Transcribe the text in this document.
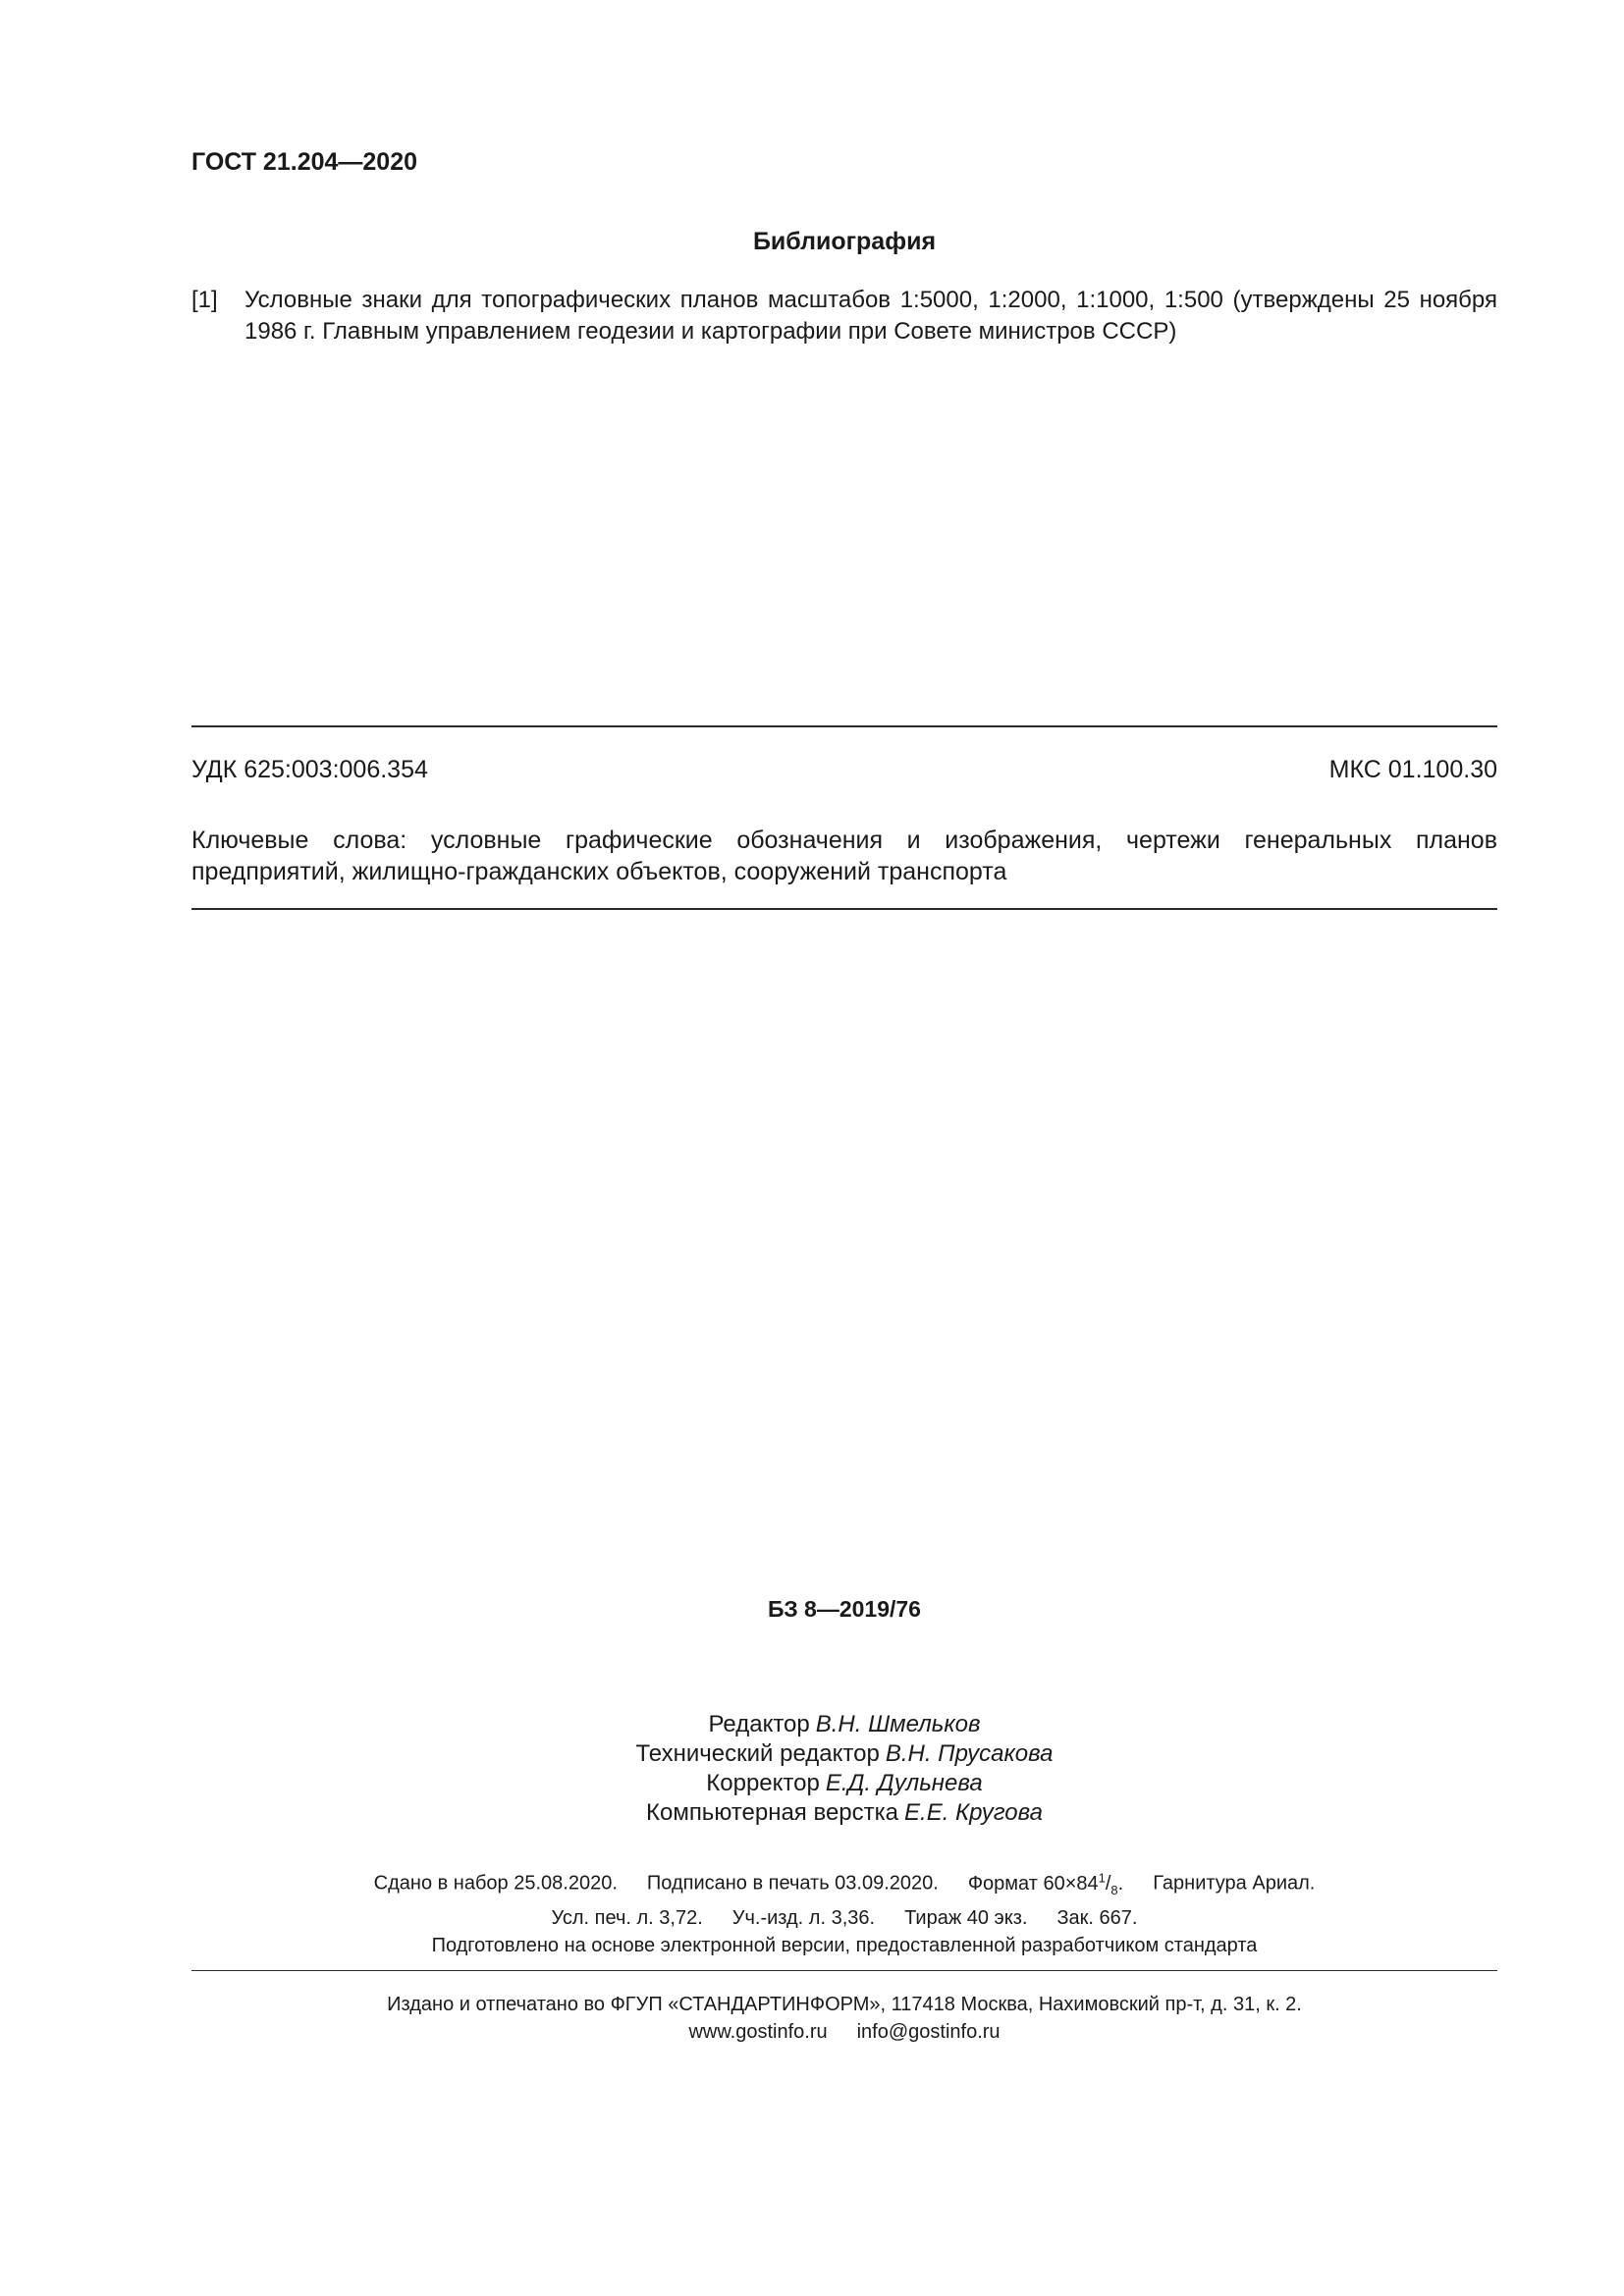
ГОСТ 21.204—2020
Библиография
[1] Условные знаки для топографических планов масштабов 1:5000, 1:2000, 1:1000, 1:500 (утверждены 25 ноября 1986 г. Главным управлением геодезии и картографии при Совете министров СССР)
УДК 625:003:006.354	МКС 01.100.30
Ключевые слова: условные графические обозначения и изображения, чертежи генеральных планов
предприятий, жилищно-гражданских объектов, сооружений транспорта
БЗ 8—2019/76
Редактор В.Н. Шмельков
Технический редактор В.Н. Прусакова
Корректор Е.Д. Дульнева
Компьютерная верстка Е.Е. Кругова
Сдано в набор 25.08.2020. Подписано в печать 03.09.2020. Формат $60\times 84^1/_8$. Гарнитура Ариал.
Усл. печ. л. 3,72. Уч.-изд. л. 3,36. Тираж 40 экз. Зак. 667.
Подготовлено на основе электронной версии, предоставленной разработчиком стандарта
Издано и отпечатано во ФГУП «СТАНДАРТИНФОРМ», 117418 Москва, Нахимовский пр-т, д. 31, к. 2.
www.gostinfo.ru info@gostinfo.ru
